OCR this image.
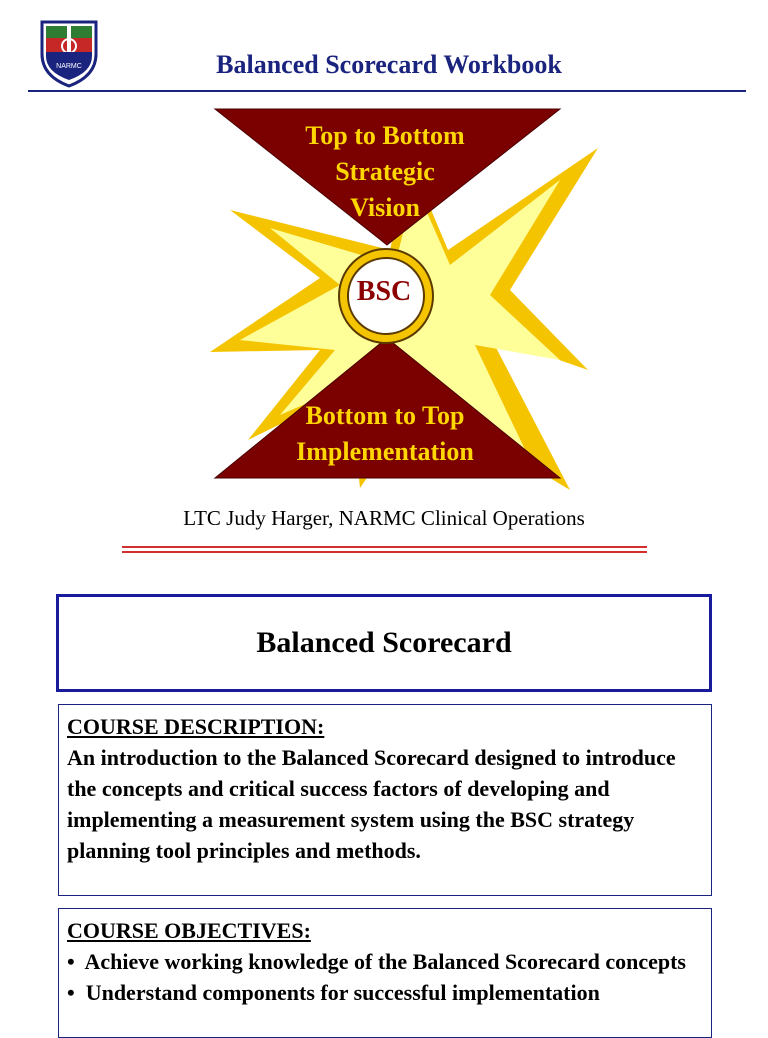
NARMC	Balanced Scorecard Workbook
Top to Bottom
Strategic
Vision
BSC
Bottom to Top
Implementation
LTC Judy Harger, NARMC Clinical Operations
Balanced Scorecard
COURSE DESCRIPTION:
An introduction to the Balanced Scorecard designed to introduce the concepts and critical success factors of developing and implementing a measurement system using the BSC strategy planning tool principles and methods.
COURSE OBJECTIVES:
•  Achieve working knowledge of the Balanced Scorecard concepts
•  Understand components for successful implementation
